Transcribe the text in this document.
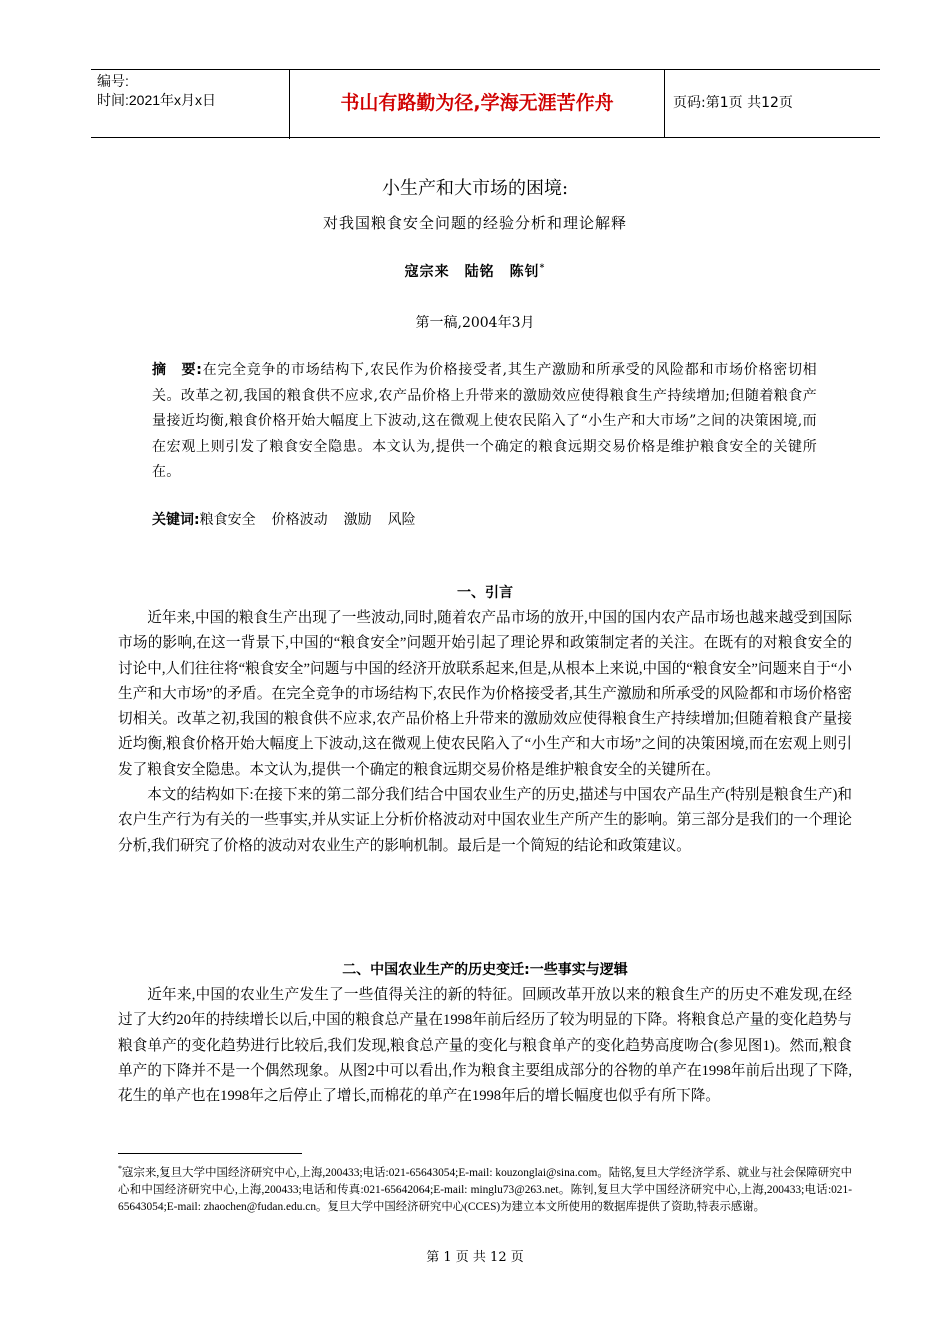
编号:
时间:2021年x月x日	书山有路勤为径,学海无涯苦作舟	页码:第1页 共12页
小生产和大市场的困境:
对我国粮食安全问题的经验分析和理论解释
寇宗来　陆铭　陈钊*
第一稿,2004年3月
摘　要:在完全竞争的市场结构下,农民作为价格接受者,其生产激励和所承受的风险都和市场价格密切相关。改革之初,我国的粮食供不应求,农产品价格上升带来的激励效应使得粮食生产持续增加;但随着粮食产量接近均衡,粮食价格开始大幅度上下波动,这在微观上使农民陷入了“小生产和大市场”之间的决策困境,而在宏观上则引发了粮食安全隐患。本文认为,提供一个确定的粮食远期交易价格是维护粮食安全的关键所在。
关键词:粮食安全 价格波动 激励 风险
一、引言

近年来,中国的粮食生产出现了一些波动,同时,随着农产品市场的放开,中国的国内农产品市场也越来越受到国际市场的影响,在这一背景下,中国的“粮食安全”问题开始引起了理论界和政策制定者的关注。在既有的对粮食安全的讨论中,人们往往将“粮食安全”问题与中国的经济开放联系起来,但是,从根本上来说,中国的“粮食安全”问题来自于“小生产和大市场”的矛盾。在完全竞争的市场结构下,农民作为价格接受者,其生产激励和所承受的风险都和市场价格密切相关。改革之初,我国的粮食供不应求,农产品价格上升带来的激励效应使得粮食生产持续增加;但随着粮食产量接近均衡,粮食价格开始大幅度上下波动,这在微观上使农民陷入了“小生产和大市场”之间的决策困境,而在宏观上则引发了粮食安全隐患。本文认为,提供一个确定的粮食远期交易价格是维护粮食安全的关键所在。

本文的结构如下:在接下来的第二部分我们结合中国农业生产的历史,描述与中国农产品生产(特别是粮食生产)和农户生产行为有关的一些事实,并从实证上分析价格波动对中国农业生产所产生的影响。第三部分是我们的一个理论分析,我们研究了价格的波动对农业生产的影响机制。最后是一个简短的结论和政策建议。

二、中国农业生产的历史变迁:一些事实与逻辑

近年来,中国的农业生产发生了一些值得关注的新的特征。回顾改革开放以来的粮食生产的历史不难发现,在经过了大约20年的持续增长以后,中国的粮食总产量在1998年前后经历了较为明显的下降。将粮食总产量的变化趋势与粮食单产的变化趋势进行比较后,我们发现,粮食总产量的变化与粮食单产的变化趋势高度吻合(参见图1)。然而,粮食单产的下降并不是一个偶然现象。从图2中可以看出,作为粮食主要组成部分的谷物的单产在1998年前后出现了下降,花生的单产也在1998年之后停止了增长,而棉花的单产在1998年后的增长幅度也似乎有所下降。

*寇宗来,复旦大学中国经济研究中心,上海,200433;电话:021-65643054;E-mail: kouzonglai@sina.com。陆铭,复旦大学经济学系、就业与社会保障研究中心和中国经济研究中心,上海,200433;电话和传真:021-65642064;E-mail: minglu73@263.net。陈钊,复旦大学中国经济研究中心,上海,200433;电话:021-65643054;E-mail: zhaochen@fudan.edu.cn。复旦大学中国经济研究中心(CCES)为建立本文所使用的数据库提供了资助,特表示感谢。
第 1 页 共 12 页
